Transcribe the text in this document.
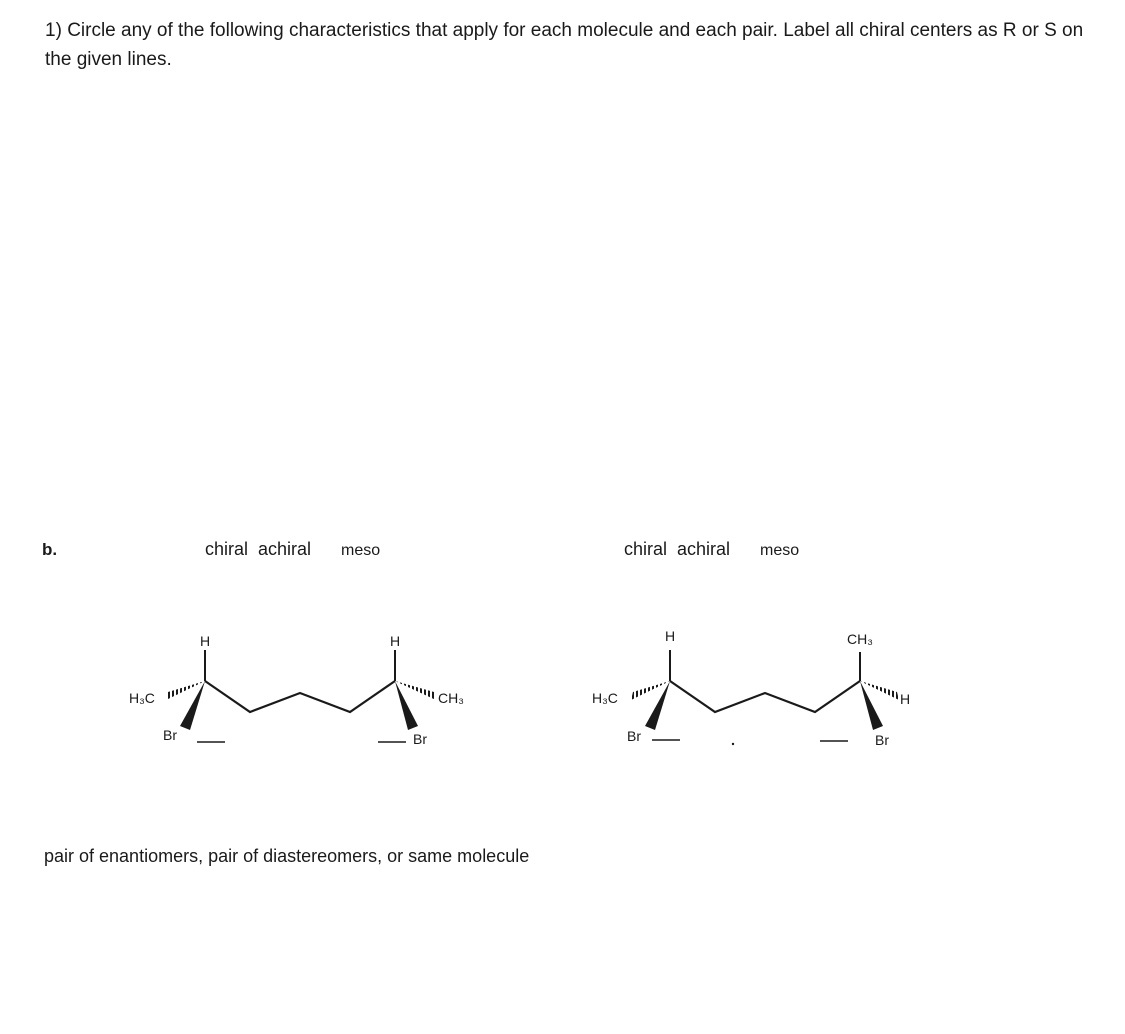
1) Circle any of the following characteristics that apply for each molecule and each pair. Label all chiral centers as R or S on the given lines.
b.	chiral achiral meso	chiral achiral meso
H	H
H₃C
Br
CH₃
Br
H	CH₃
H₃C
Br
H
Br
pair of enantiomers, pair of diastereomers, or same molecule
